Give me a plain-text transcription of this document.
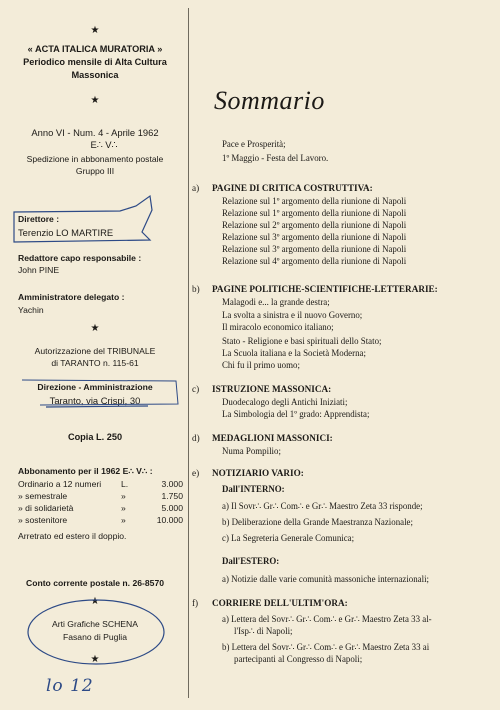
★
« ACTA ITALICA MURATORIA »
Periodico mensile di Alta Cultura
Massonica
★
Anno VI - Num. 4 - Aprile 1962
E∴ V∴
Spedizione in abbonamento postale
Gruppo III
Direttore :
Terenzio LO MARTIRE
Redattore capo responsabile :
John PINE
Amministratore delegato :
Yachin
★
Autorizzazione del TRIBUNALE
di TARANTO n. 115-61
Direzione - Amministrazione
Taranto, via Crispi, 30
Copia L. 250
Abbonamento per il 1962 E∴ V∴ :
Ordinario a 12 numeri L.	3.000
» semestrale	»	1.750
» di solidarietà	»	5.000
» sostenitore	»	10.000
Arretrato ed estero il doppio.
Conto corrente postale n. 26-8570
★
Arti Grafiche SCHENA
Fasano di Puglia
★
lo 12
Sommario
Pace e Prosperità;
1º Maggio - Festa del Lavoro.
a) PAGINE DI CRITICA COSTRUTTIVA:
Relazione sul 1º argomento della riunione di Napoli
Relazione sul 1º argomento della riunione di Napoli
Relazione sul 2º argomento della riunione di Napoli
Relazione sul 3º argomento della riunione di Napoli
Relazione sul 3º argomento della riunione di Napoli
Relazione sul 4º argomento della riunione di Napoli
b) PAGINE POLITICHE-SCIENTIFICHE-LETTERARIE:
Malagodi e... la grande destra;
La svolta a sinistra e il nuovo Governo;
Il miracolo economico italiano;
Stato - Religione e basi spirituali dello Stato;
La Scuola italiana e la Società Moderna;
Chi fu il primo uomo;
c) ISTRUZIONE MASSONICA:
Duodecalogo degli Antichi Iniziati;
La Simbologia del 1º grado: Apprendista;
d) MEDAGLIONI MASSONICI:
Numa Pompilio;
e) NOTIZIARIO VARIO:
Dall'INTERNO:
a) Il Sovr∴ Gr∴ Com∴ e Gr∴ Maestro Zeta 33 risponde;
b) Deliberazione della Grande Maestranza Nazionale;
c) La Segreteria Generale Comunica;
Dall'ESTERO:
a) Notizie dalle varie comunità massoniche internazionali;
f) CORRIERE DELL'ULTIM'ORA:
a) Lettera del Sovr∴ Gr∴ Com∴ e Gr∴ Maestro Zeta 33 al-
l'Isp∴ di Napoli;
b) Lettera del Sovr∴ Gr∴ Com∴ e Gr∴ Maestro Zeta 33 ai
partecipanti al Congresso di Napoli;
